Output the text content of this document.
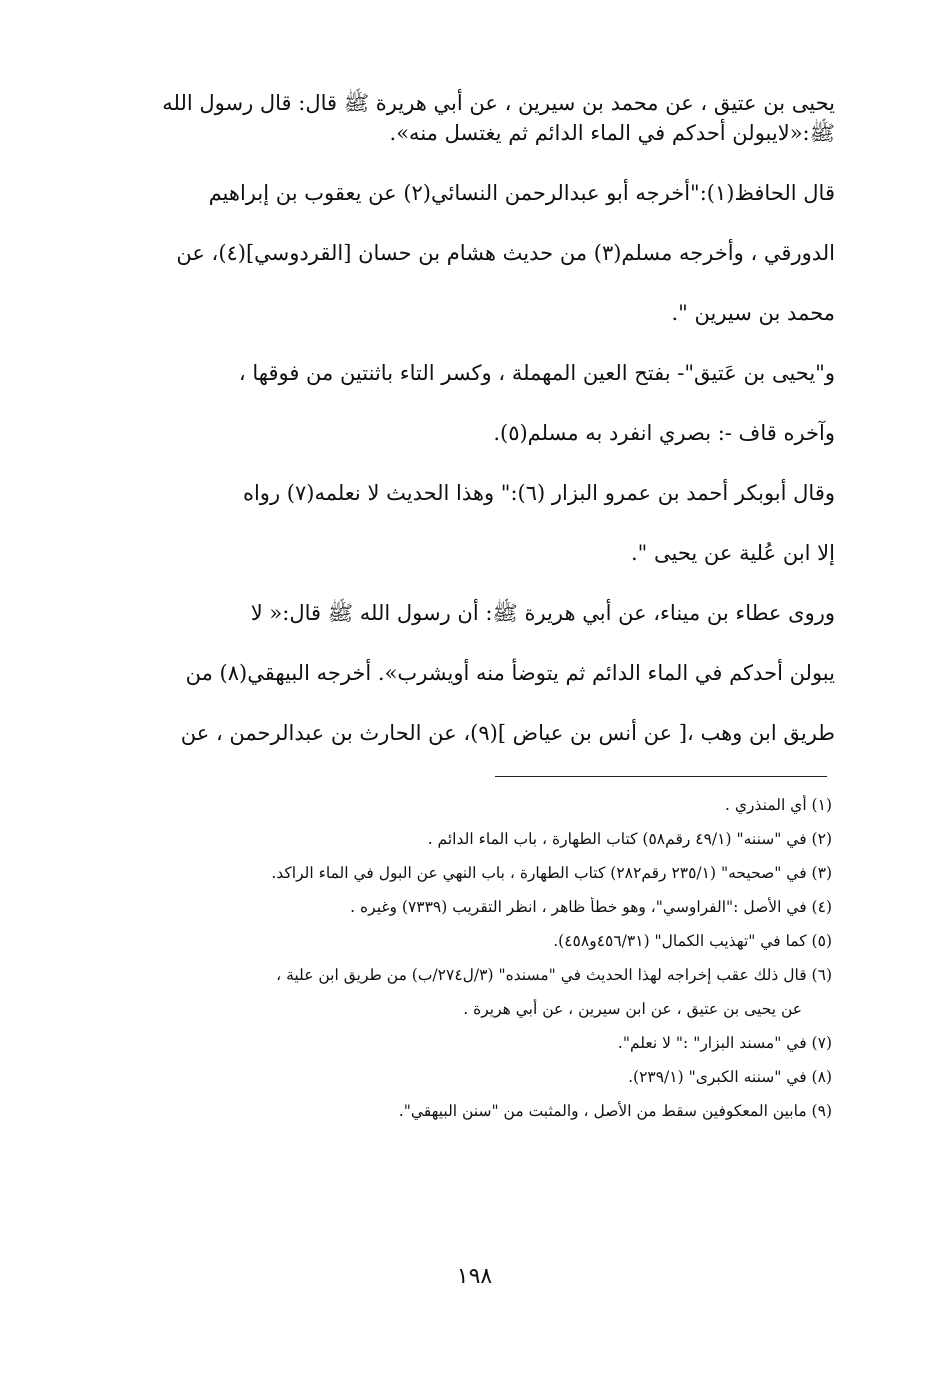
يحيى بن عتيق ، عن محمد بن سيرين ، عن أبي هريرة ﷺ قال: قال رسول الله

ﷺ:«لايبولن أحدكم في الماء الدائم ثم يغتسل منه».

قال الحافظ(١):"أخرجه أبو عبدالرحمن النسائي(٢) عن يعقوب بن إبراهيم

الدورقي ، وأخرجه مسلم(٣) من حديث هشام بن حسان [القردوسي](٤)، عن

محمد بن سيرين ".

و"يحيى بن عَتيق"- بفتح العين المهملة ، وكسر التاء باثنتين من فوقها ،

وآخره قاف -: بصري انفرد به مسلم(٥).

وقال أبوبكر أحمد بن عمرو البزار (٦):" وهذا الحديث لا نعلمه(٧) رواه

إلا ابن عُلية عن يحيى ".

وروى عطاء بن ميناء، عن أبي هريرة ﷺ: أن رسول الله ﷺ قال:« لا

يبولن أحدكم في الماء الدائم ثم يتوضأ منه أويشرب». أخرجه البيهقي(٨) من

طريق ابن وهب ،[ عن أنس بن عياض ](٩)، عن الحارث بن عبدالرحمن ، عن

(١) أي المنذري .

(٢) في "سننه" (٤٩/١ رقم٥٨) كتاب الطهارة ، باب الماء الدائم .

(٣) في "صحيحه" (٢٣٥/١ رقم٢٨٢) كتاب الطهارة ، باب النهي عن البول في الماء الراكد.

(٤) في الأصل :"الفراوسي"، وهو خطأ ظاهر ، انظر التقريب (٧٣٣٩) وغيره .

(٥) كما في "تهذيب الكمال" (٤٥٦/٣١و٤٥٨).

(٦) قال ذلك عقب إخراجه لهذا الحديث في "مسنده" (٣/ل٢٧٤/ب) من طريق ابن علية ،

عن يحيى بن عتيق ، عن ابن سيرين ، عن أبي هريرة .

(٧) في "مسند البزار" :" لا نعلم".

(٨) في "سننه الكبرى" (٢٣٩/١).

(٩) مابين المعكوفين سقط من الأصل ، والمثبت من "سنن البيهقي".

١٩٨
